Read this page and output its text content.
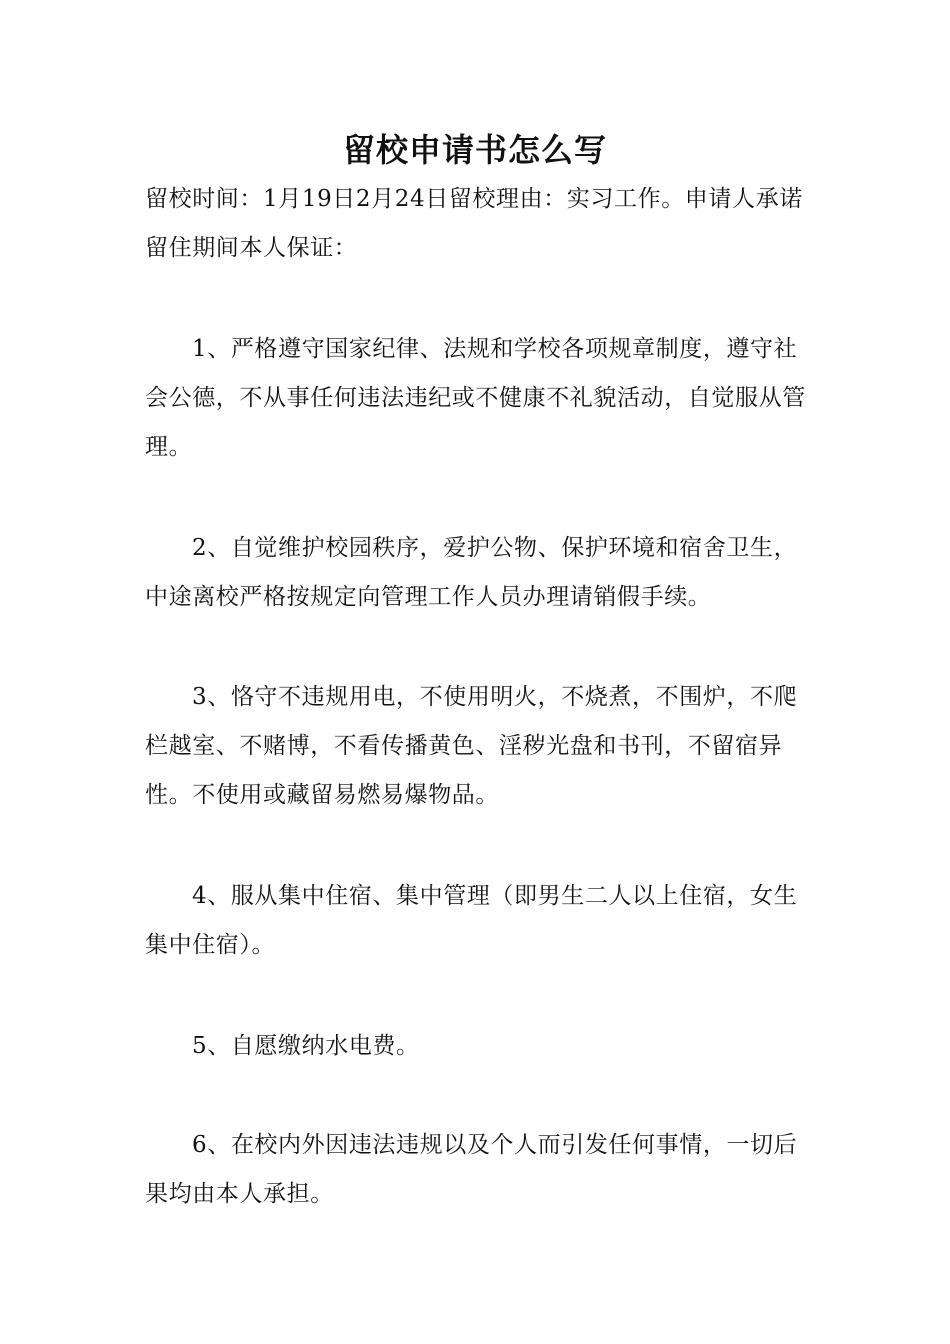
留校申请书怎么写

留校时间：1月19日2月24日留校理由：实习工作。申请人承诺留住期间本人保证：

1、严格遵守国家纪律、法规和学校各项规章制度，遵守社会公德，不从事任何违法违纪或不健康不礼貌活动，自觉服从管理。

2、自觉维护校园秩序，爱护公物、保护环境和宿舍卫生，中途离校严格按规定向管理工作人员办理请销假手续。

3、恪守不违规用电，不使用明火，不烧煮，不围炉，不爬栏越室、不赌博，不看传播黄色、淫秽光盘和书刊，不留宿异性。不使用或藏留易燃易爆物品。

4、服从集中住宿、集中管理（即男生二人以上住宿，女生集中住宿）。

5、自愿缴纳水电费。

6、在校内外因违法违规以及个人而引发任何事情，一切后果均由本人承担。
